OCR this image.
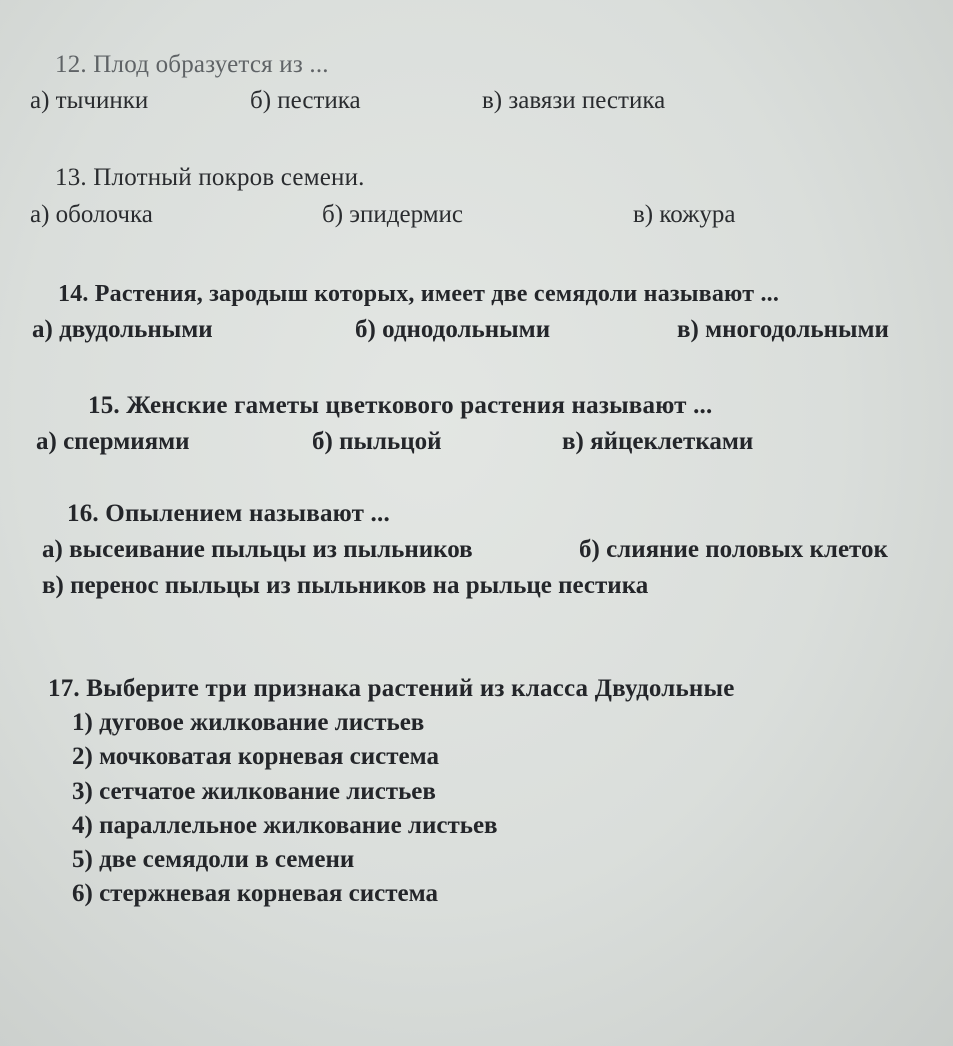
12. Плод образуется из ...
а) тычинки	б) пестика	в) завязи пестика
13. Плотный покров семени.
а) оболочка	б) эпидермис	в) кожура
14. Растения, зародыш которых, имеет две семядоли называют ...
а) двудольными	б) однодольными	в) многодольными
15. Женские гаметы цветкового растения называют ...
а) спермиями	б) пыльцой	в) яйцеклетками
16. Опылением называют ...
а) высеивание пыльцы из пыльников	б) слияние половых клеток
в) перенос пыльцы из пыльников на рыльце пестика
17. Выберите три признака растений из класса Двудольные
1) дуговое жилкование листьев
2) мочковатая корневая система
3) сетчатое жилкование листьев
4) параллельное жилкование листьев
5) две семядоли в семени
6) стержневая корневая система
